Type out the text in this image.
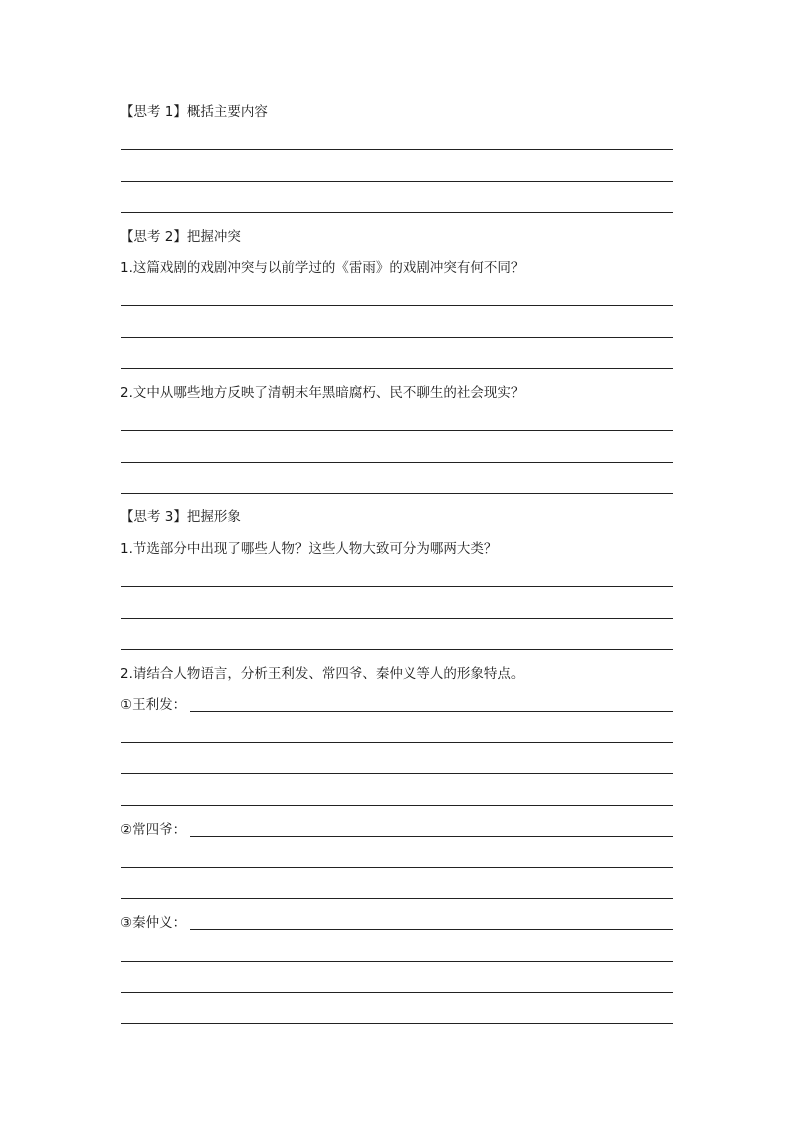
【思考 1】概括主要内容
【思考 2】把握冲突
1.这篇戏剧的戏剧冲突与以前学过的《雷雨》的戏剧冲突有何不同？
2.文中从哪些地方反映了清朝末年黑暗腐朽、民不聊生的社会现实？
【思考 3】把握形象
1.节选部分中出现了哪些人物？这些人物大致可分为哪两大类？
2.请结合人物语言，分析王利发、常四爷、秦仲义等人的形象特点。
①王利发：
②常四爷：
③秦仲义：
